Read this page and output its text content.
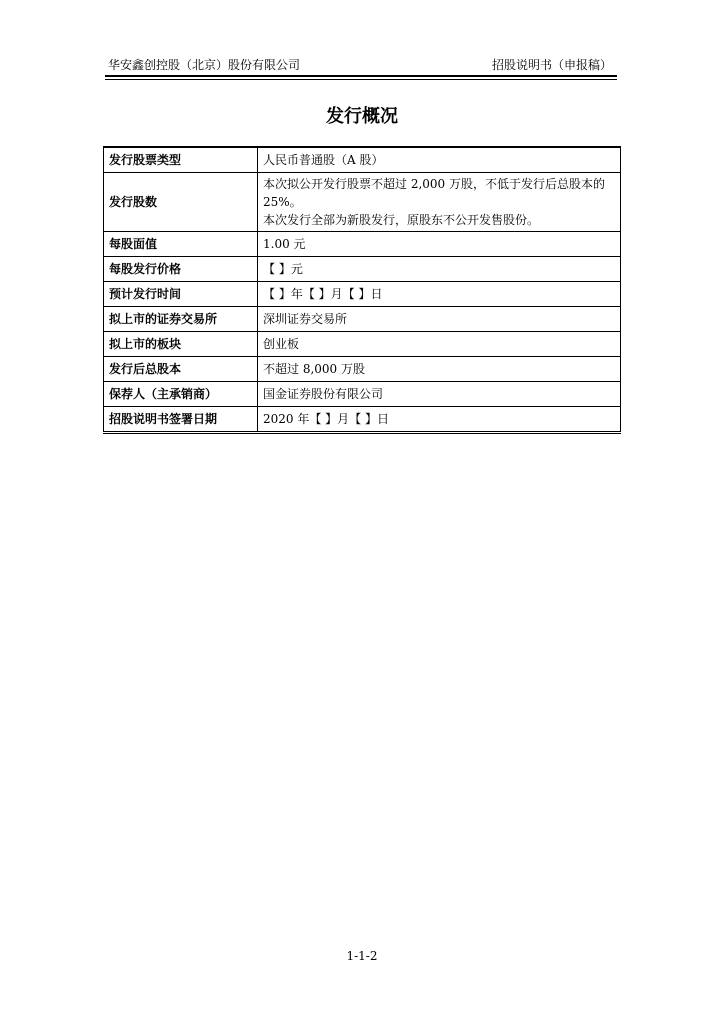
华安鑫创控股（北京）股份有限公司	招股说明书（申报稿）
发行概况
发行股票类型	人民币普通股（A 股）

发行股数	本次拟公开发行股票不超过 2,000 万股，不低于发行后总股本的 25%。
本次发行全部为新股发行，原股东不公开发售股份。

每股面值	1.00 元

每股发行价格	【 】元

预计发行时间	【 】年【 】月【 】日

拟上市的证券交易所	深圳证券交易所

拟上市的板块	创业板

发行后总股本	不超过 8,000 万股

保荐人（主承销商）	国金证券股份有限公司

招股说明书签署日期	2020 年【 】月【 】日
1-1-2
